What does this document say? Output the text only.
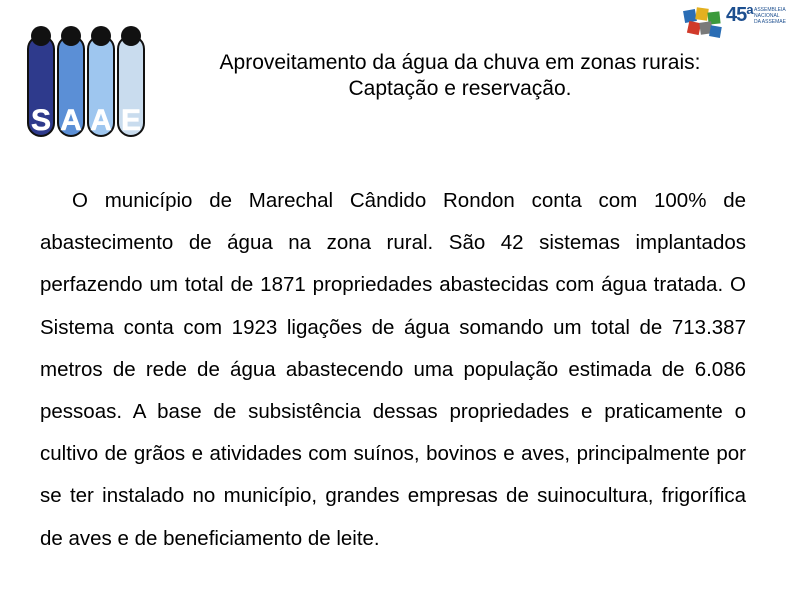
S A A E
45ª ASSEMBLEIA
NACIONAL
DA ASSEMAE
Aproveitamento da água da chuva em zonas rurais:
Captação e reservação.
O município de Marechal Cândido Rondon conta com 100% de abastecimento de água na zona rural. São 42 sistemas implantados perfazendo um total de 1871 propriedades abastecidas com água tratada. O Sistema conta com 1923 ligações de água somando um total de 713.387 metros de rede de água abastecendo uma população estimada de 6.086 pessoas. A base de subsistência dessas propriedades e praticamente o cultivo de grãos e atividades com suínos, bovinos e aves, principalmente por se ter instalado no município, grandes empresas de suinocultura, frigorífica de aves e de beneficiamento de leite.
